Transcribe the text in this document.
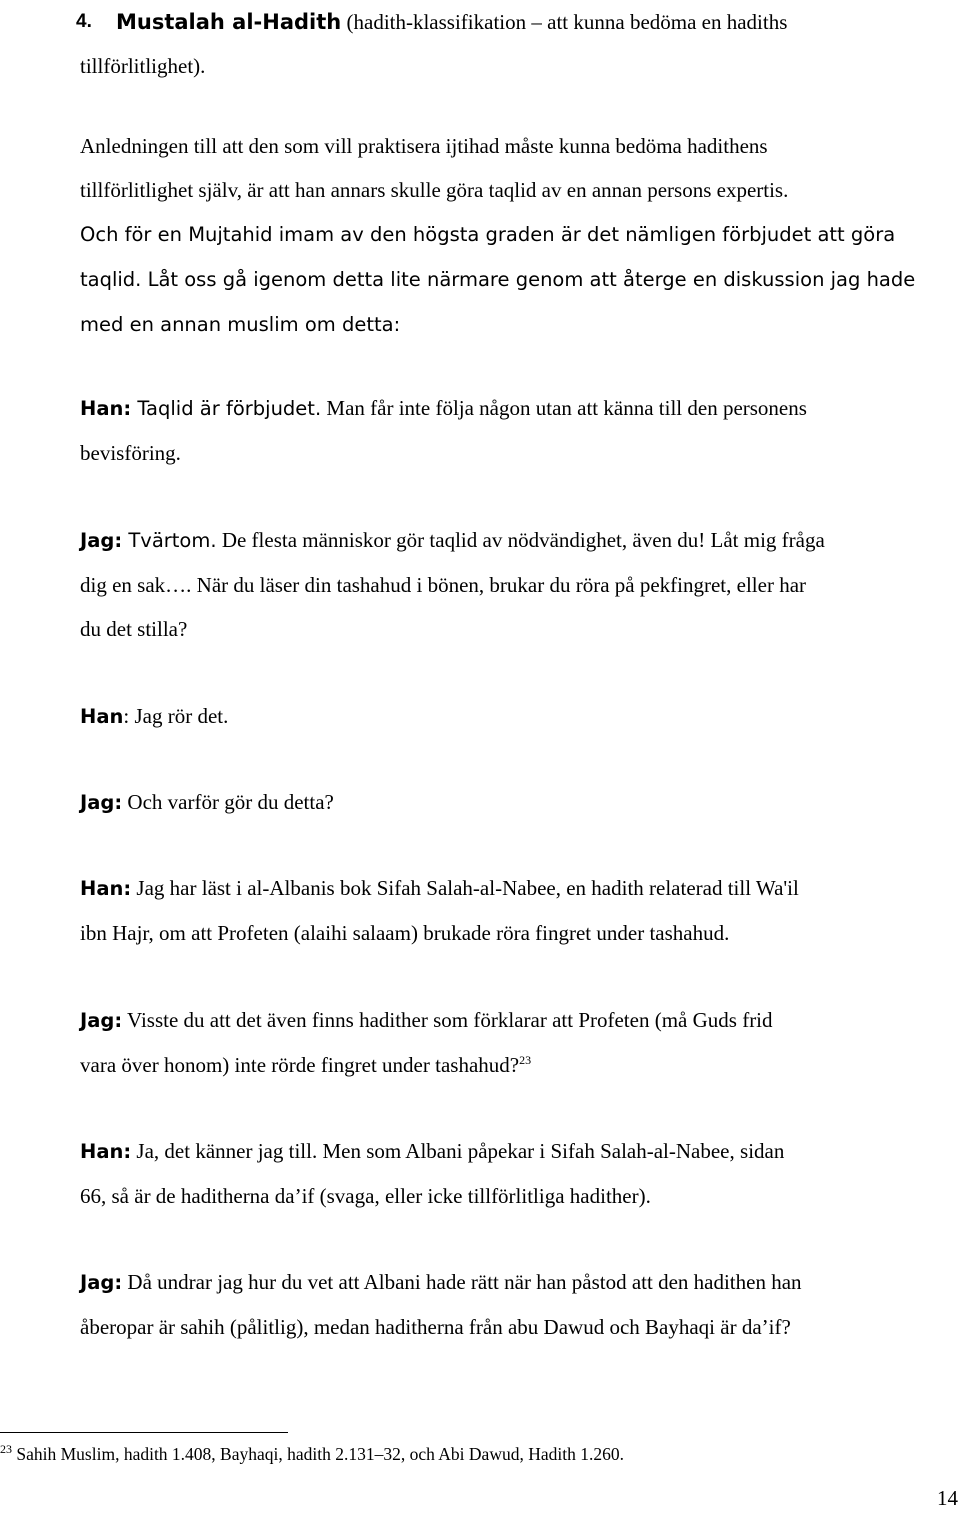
4. Mustalah al-Hadith (hadith-klassifikation – att kunna bedöma en hadiths
tillförlitlighet).
Anledningen till att den som vill praktisera ijtihad måste kunna bedöma hadithens
tillförlitlighet själv, är att han annars skulle göra taqlid av en annan persons expertis.
Och för en Mujtahid imam av den högsta graden är det nämligen förbjudet att göra
taqlid. Låt oss gå igenom detta lite närmare genom att återge en diskussion jag hade
med en annan muslim om detta:
Han: Taqlid är förbjudet. Man får inte följa någon utan att känna till den personens
bevisföring.
Jag: Tvärtom. De flesta människor gör taqlid av nödvändighet, även du! Låt mig fråga
dig en sak…. När du läser din tashahud i bönen, brukar du röra på pekfingret, eller har
du det stilla?
Han: Jag rör det.
Jag: Och varför gör du detta?
Han: Jag har läst i al-Albanis bok Sifah Salah-al-Nabee, en hadith relaterad till Wa'il
ibn Hajr, om att Profeten (alaihi salaam) brukade röra fingret under tashahud.
Jag: Visste du att det även finns hadither som förklarar att Profeten (må Guds frid
vara över honom) inte rörde fingret under tashahud?$^{23}$
Han: Ja, det känner jag till. Men som Albani påpekar i Sifah Salah-al-Nabee, sidan
66, så är de haditherna da’if (svaga, eller icke tillförlitliga hadither).
Jag: Då undrar jag hur du vet att Albani hade rätt när han påstod att den hadithen han
åberopar är sahih (pålitlig), medan haditherna från abu Dawud och Bayhaqi är da’if?
$^{23}$ Sahih Muslim, hadith 1.408, Bayhaqi, hadith 2.131–32, och Abi Dawud, Hadith 1.260.
14
